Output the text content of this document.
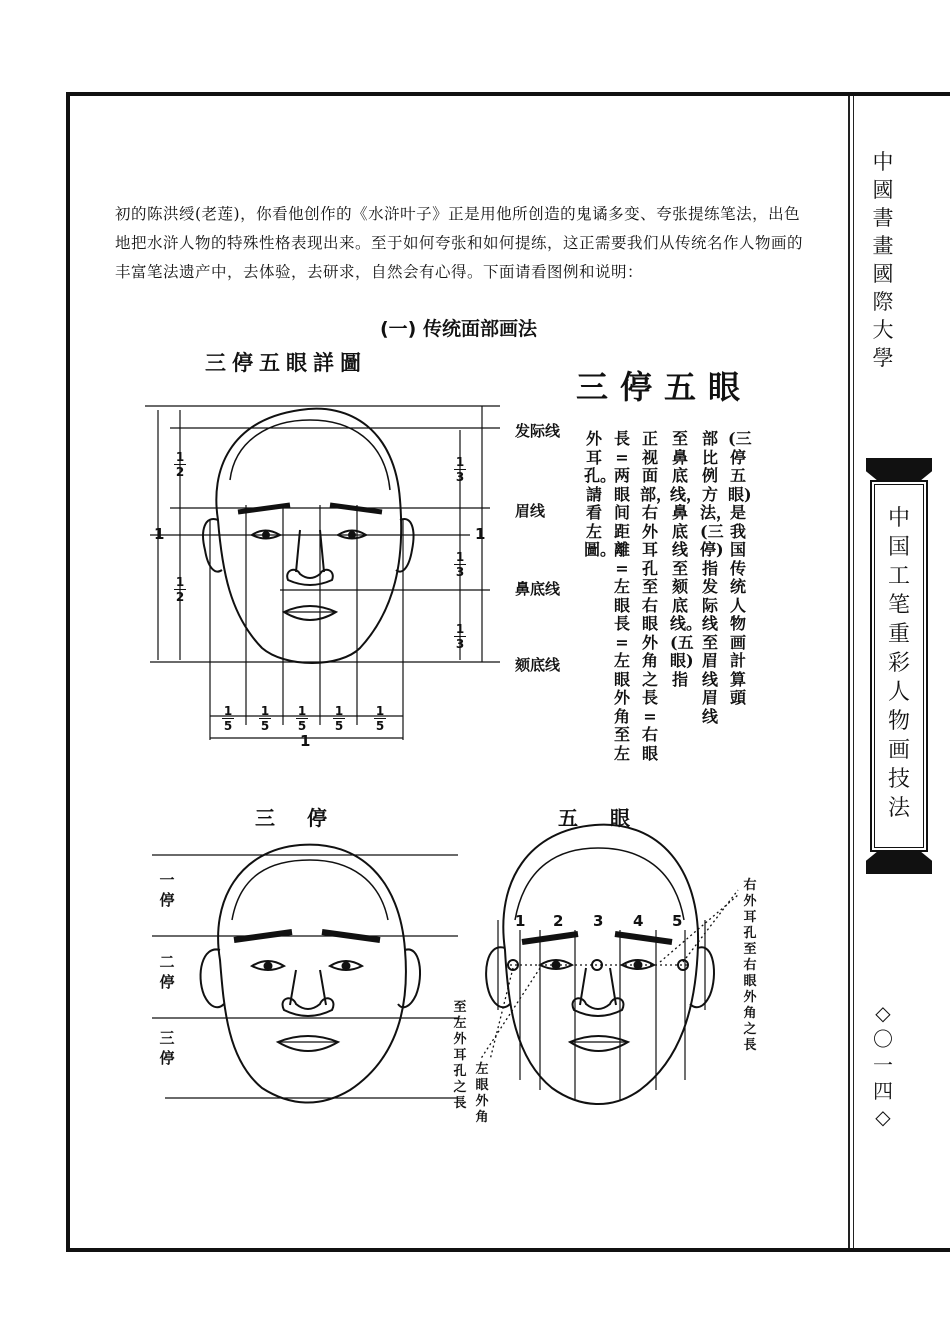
中國書畫國際大學
中国工笔重彩人物画技法
◇〇一四◇
初的陈洪绶(老莲)，你看他创作的《水浒叶子》正是用他所创造的鬼谲多变、夸张提练笔法，出色地把水浒人物的特殊性格表现出来。至于如何夸张和如何提练，这正需要我们从传统名作人物画的丰富笔法遗产中，去体验，去研求，自然会有心得。下面请看图例和说明：
(一) 传统面部画法
三停五眼詳圖
三停五眼
发际线
眉线
鼻底线
颏底线
1
2
1
2
1
1
3
1
3
1
3
1
1
5
1
5
1
5
1
5
1
5
1
(三停五眼)是我国传统人物画計算頭
部比例方法，(三停)指发际线至眉线 眉线
至鼻底线，鼻底线至颏底线。(五眼)指
正视面部，右外耳孔至右眼外角之長=右眼
長=两眼间距離=左眼長=左眼外角至左
外耳孔。請看左圖。
三停
一停
二停
三停
五眼
1 2 3 4 5
右外耳孔至右眼外角之長
至左外耳孔之長
左眼外角
